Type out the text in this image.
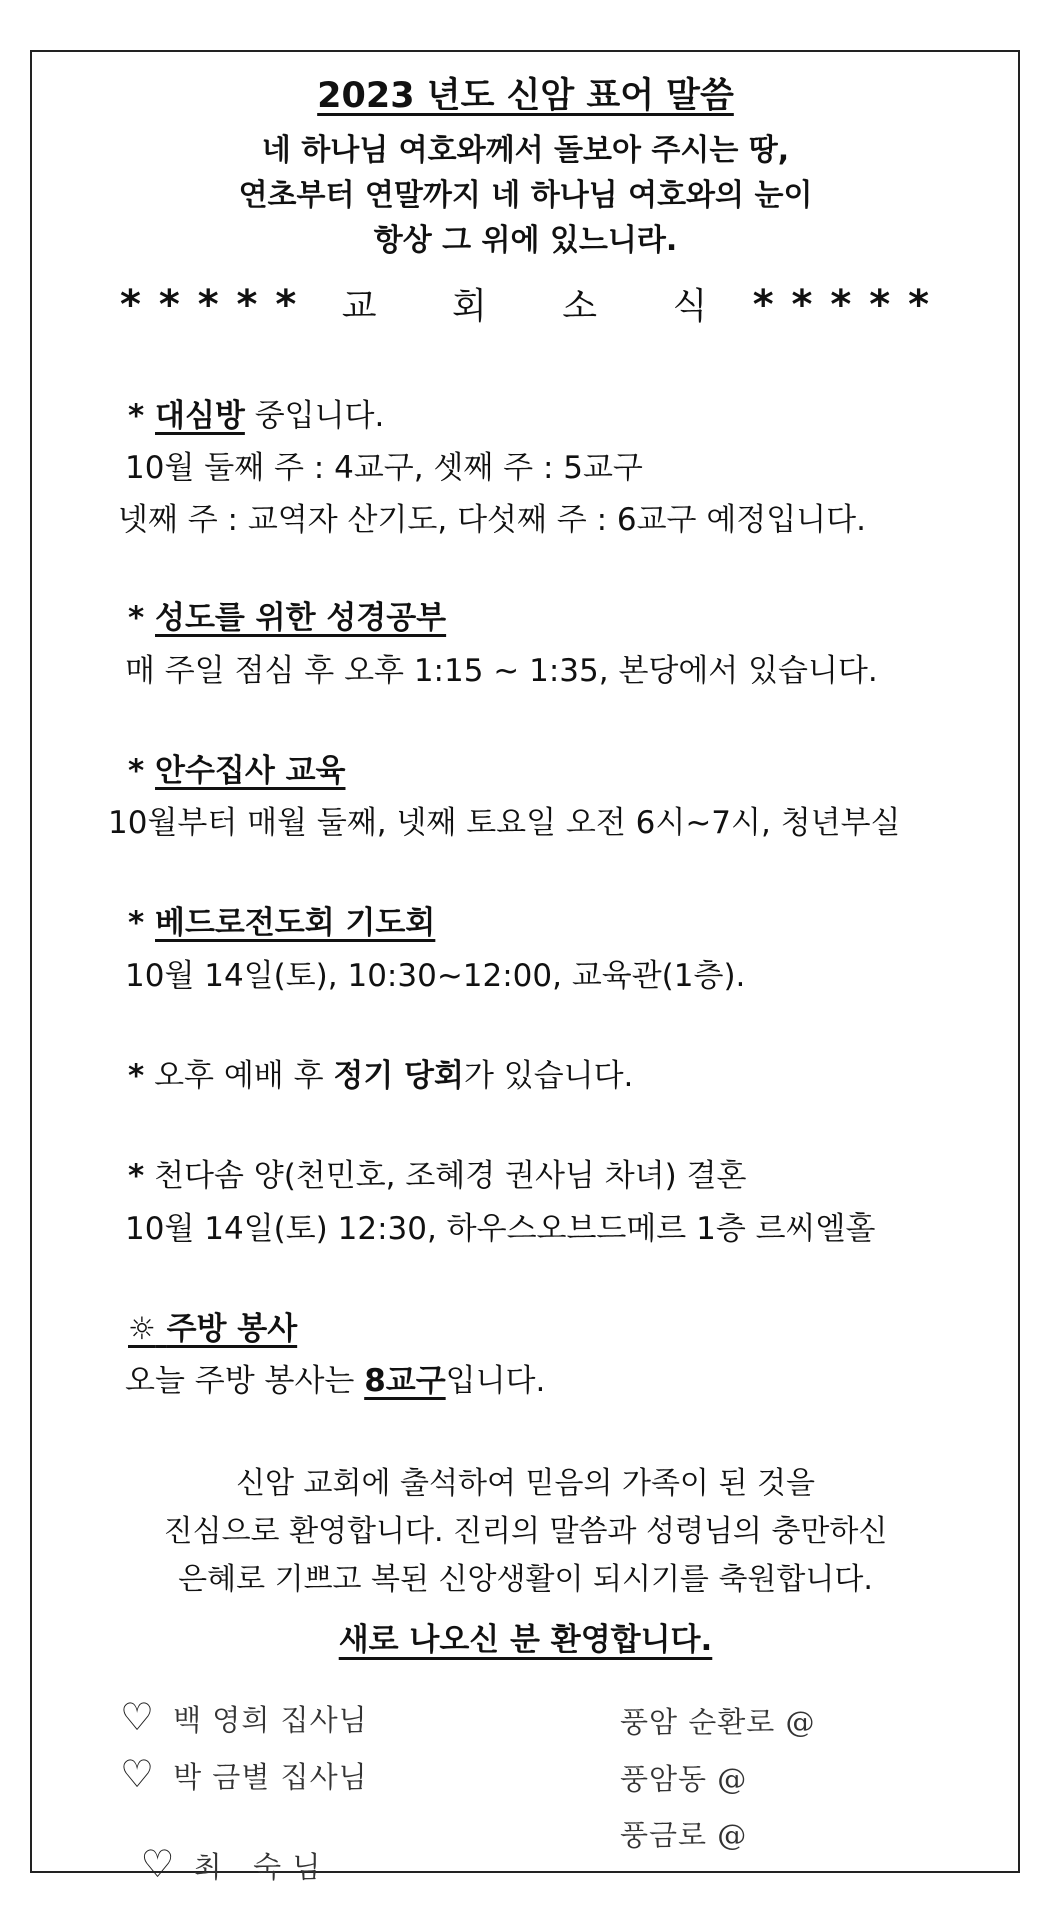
2023 년도 신암 표어 말씀
네 하나님 여호와께서 돌보아 주시는 땅,
연초부터 연말까지 네 하나님 여호와의 눈이
항상 그 위에 있느니라.
* * * * * 교 회 소 식 * * * * *
* 대심방 중입니다.
10월 둘째 주 : 4교구, 셋째 주 : 5교구
넷째 주 : 교역자 산기도, 다섯째 주 : 6교구 예정입니다.
* 성도를 위한 성경공부
매 주일 점심 후 오후 1:15 ~ 1:35, 본당에서 있습니다.
* 안수집사 교육
10월부터 매월 둘째, 넷째 토요일 오전 6시~7시, 청년부실
* 베드로전도회 기도회
10월 14일(토), 10:30~12:00, 교육관(1층).
* 오후 예배 후 정기 당회가 있습니다.
* 천다솜 양(천민호, 조혜경 권사님 차녀) 결혼
10월 14일(토) 12:30, 하우스오브드메르 1층 르씨엘홀
☼ 주방 봉사
오늘 주방 봉사는 8교구입니다.
신암 교회에 출석하여 믿음의 가족이 된 것을
진심으로 환영합니다. 진리의 말씀과 성령님의 충만하신
은혜로 기쁘고 복된 신앙생활이 되시기를 축원합니다.
새로 나오신 분 환영합니다.
♡ 백 영희 집사님	풍암 순환로 @
♡ 박 금별 집사님	풍암동 @

♡ 최   숙 님

풍금로 @
